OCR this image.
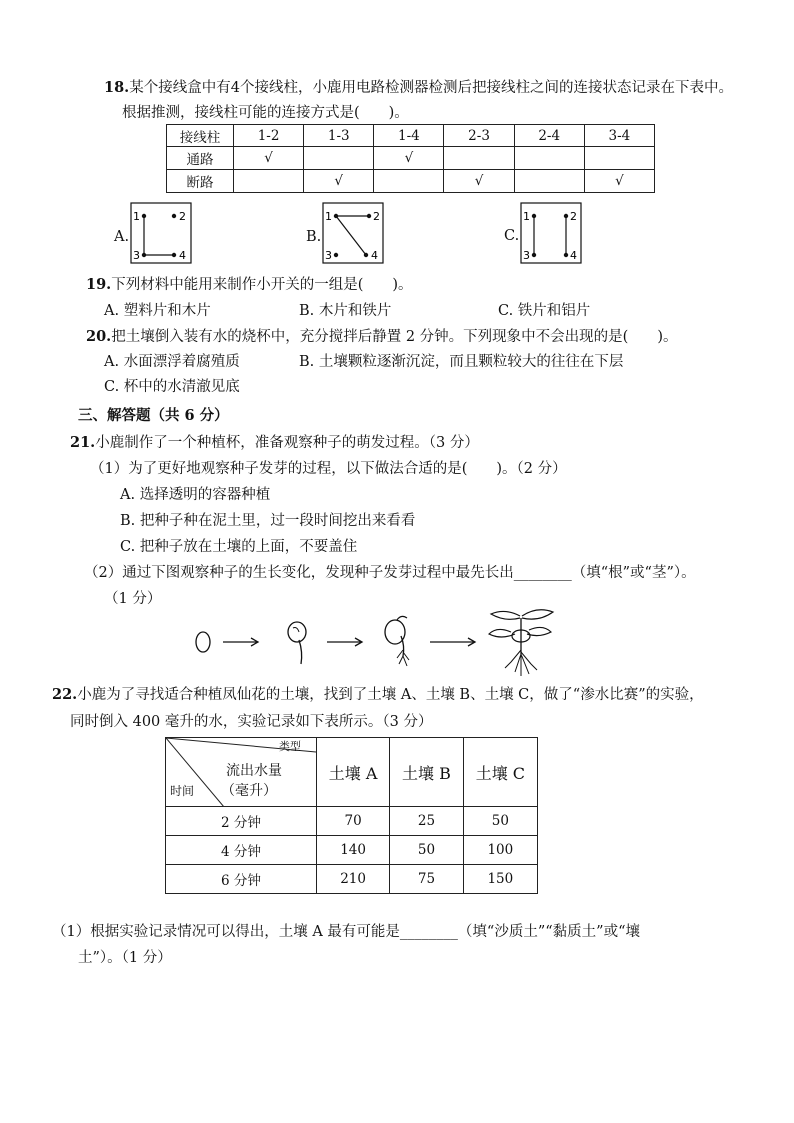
18.某个接线盒中有4个接线柱，小鹿用电路检测器检测后把接线柱之间的连接状态记录在下表中。
根据推测，接线柱可能的连接方式是(　　)。
接线柱	1-2	1-3	1-4	2-3	2-4	3-4
通路	√		√			
断路		√		√		√
A.
1	2
3	4
B.
1	2
3	4
C.
1	2
3	4
19.下列材料中能用来制作小开关的一组是(　　)。
A. 塑料片和木片	B. 木片和铁片	C. 铁片和铝片
20.把土壤倒入装有水的烧杯中，充分搅拌后静置 2 分钟。下列现象中不会出现的是(　　)。
A. 水面漂浮着腐殖质	B. 土壤颗粒逐渐沉淀，而且颗粒较大的往往在下层
C. 杯中的水清澈见底
三、解答题（共 6 分）
21.小鹿制作了一个种植杯，准备观察种子的萌发过程。（3 分）
（1）为了更好地观察种子发芽的过程，以下做法合适的是(　　)。（2 分）
A. 选择透明的容器种植
B. 把种子种在泥土里，过一段时间挖出来看看
C. 把种子放在土壤的上面，不要盖住
（2）通过下图观察种子的生长变化，发现种子发芽过程中最先长出________（填“根”或“茎”）。
（1 分）
22.小鹿为了寻找适合种植凤仙花的土壤，找到了土壤 A、土壤 B、土壤 C，做了“渗水比赛”的实验，
同时倒入 400 毫升的水，实验记录如下表所示。（3 分）
类型
流出水量
（毫升）
时间	土壤 A	土壤 B	土壤 C
2 分钟	70	25	50
4 分钟	140	50	100
6 分钟	210	75	150
（1）根据实验记录情况可以得出，土壤 A 最有可能是________（填“沙质土”“黏质土”或“壤
土”）。（1 分）
